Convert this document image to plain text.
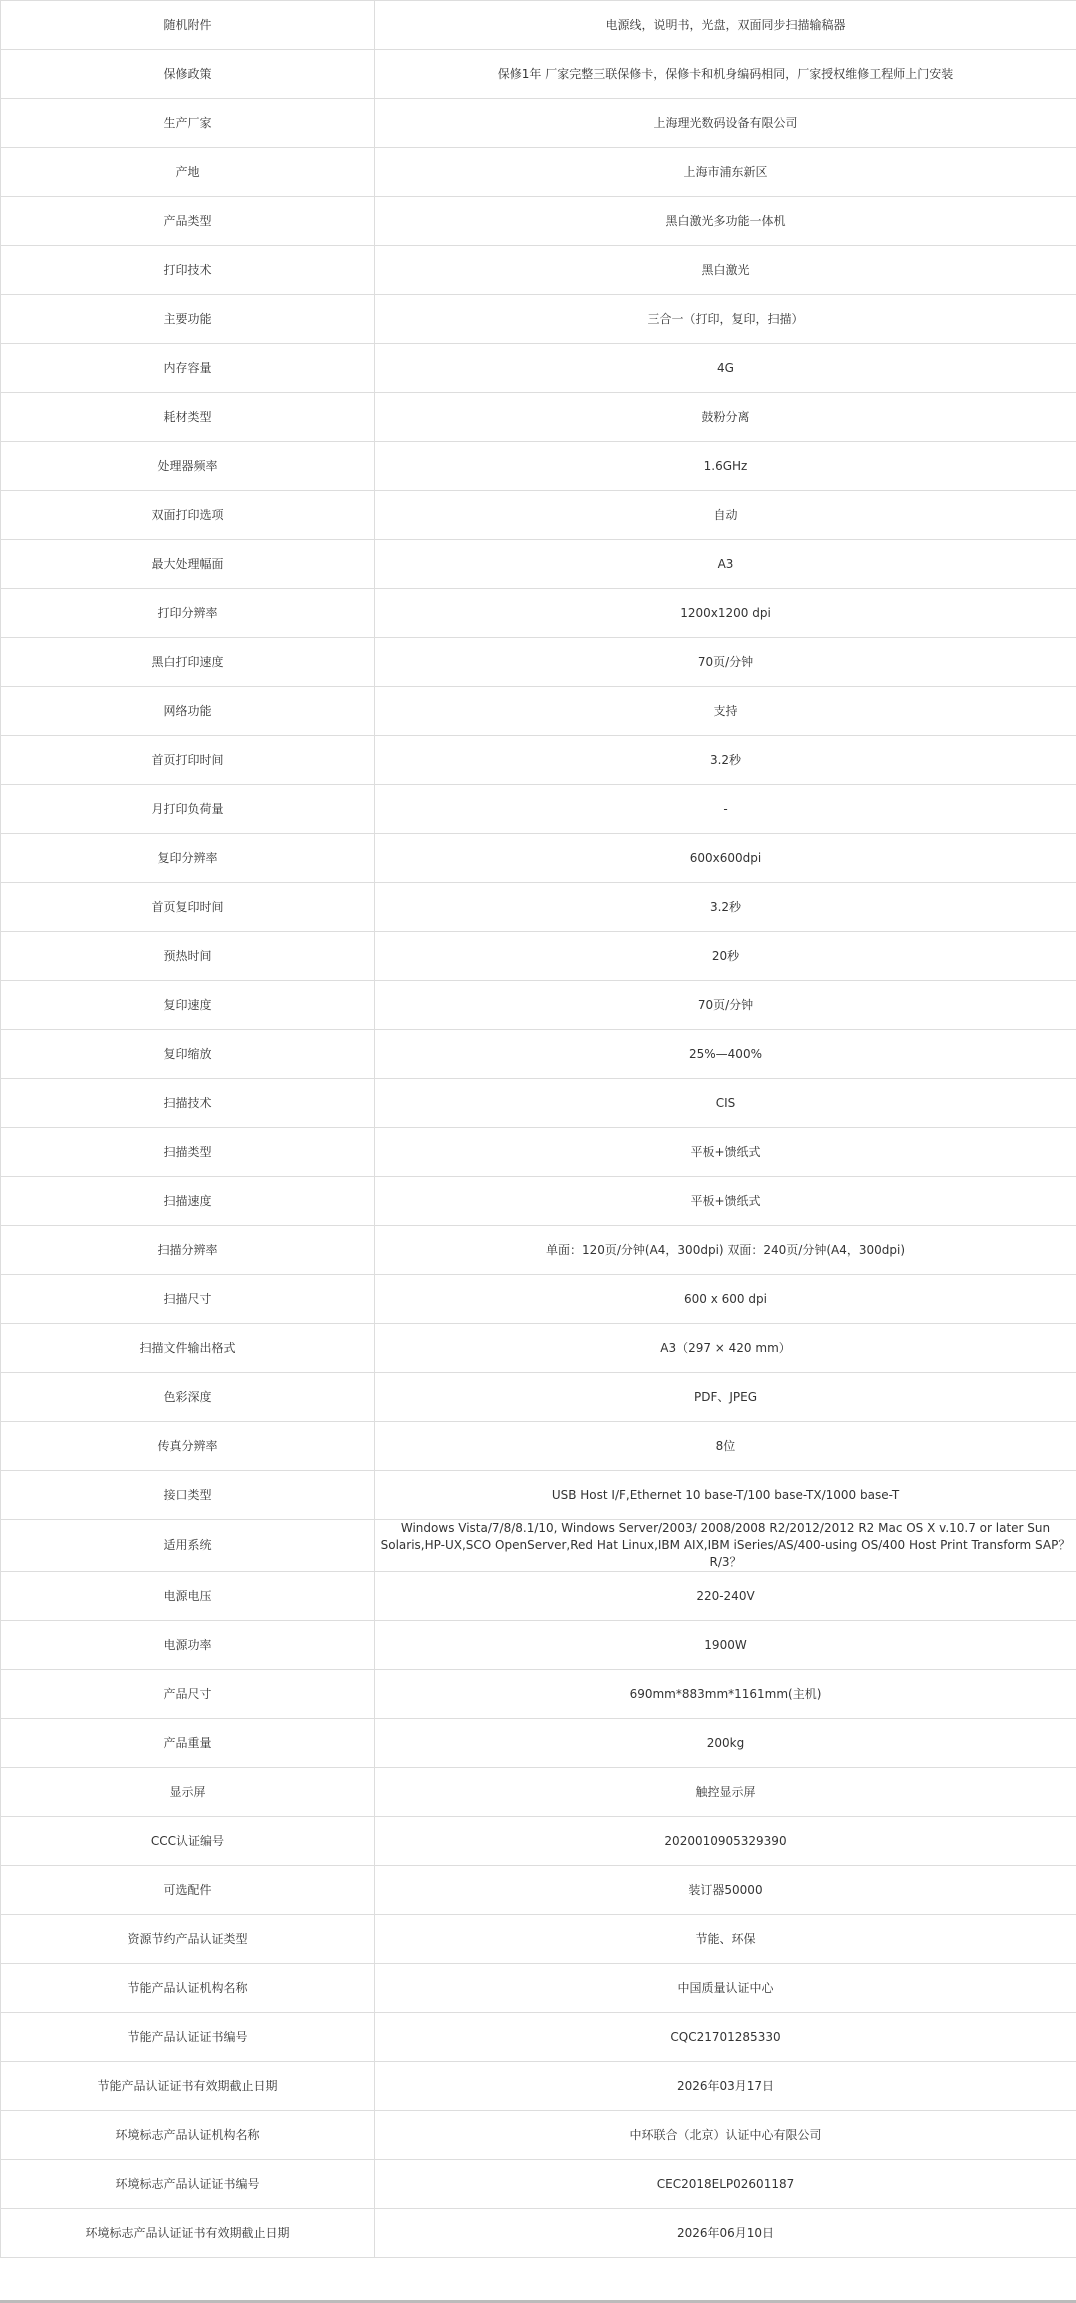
随机附件	电源线，说明书，光盘，双面同步扫描输稿器
保修政策	保修1年 厂家完整三联保修卡，保修卡和机身编码相同，厂家授权维修工程师上门安装
生产厂家	上海理光数码设备有限公司
产地	上海市浦东新区
产品类型	黑白激光多功能一体机
打印技术	黑白激光
主要功能	三合一（打印，复印，扫描）
内存容量	4G
耗材类型	鼓粉分离
处理器频率	1.6GHz
双面打印选项	自动
最大处理幅面	A3
打印分辨率	1200x1200 dpi
黑白打印速度	70页/分钟
网络功能	支持
首页打印时间	3.2秒
月打印负荷量	-
复印分辨率	600x600dpi
首页复印时间	3.2秒
预热时间	20秒
复印速度	70页/分钟
复印缩放	25%—400%
扫描技术	CIS
扫描类型	平板+馈纸式
扫描速度	平板+馈纸式
扫描分辨率	单面：120页/分钟(A4，300dpi) 双面：240页/分钟(A4，300dpi)
扫描尺寸	600 x 600 dpi
扫描文件输出格式	A3（297 × 420 mm）
色彩深度	PDF、JPEG
传真分辨率	8位
接口类型	USB Host I/F,Ethernet 10 base-T/100 base-TX/1000 base-T
适用系统	Windows Vista/7/8/8.1/10, Windows Server/2003/ 2008/2008 R2/2012/2012 R2 Mac OS X v.10.7 or later Sun Solaris,HP-UX,SCO OpenServer,Red Hat Linux,IBM AIX,IBM iSeries/AS/400-using OS/400 Host Print Transform SAP？ R/3？
电源电压	220-240V
电源功率	1900W
产品尺寸	690mm*883mm*1161mm(主机)
产品重量	200kg
显示屏	触控显示屏
CCC认证编号	2020010905329390
可选配件	装订器50000
资源节约产品认证类型	节能、环保
节能产品认证机构名称	中国质量认证中心
节能产品认证证书编号	CQC21701285330
节能产品认证证书有效期截止日期	2026年03月17日
环境标志产品认证机构名称	中环联合（北京）认证中心有限公司
环境标志产品认证证书编号	CEC2018ELP02601187
环境标志产品认证证书有效期截止日期	2026年06月10日
